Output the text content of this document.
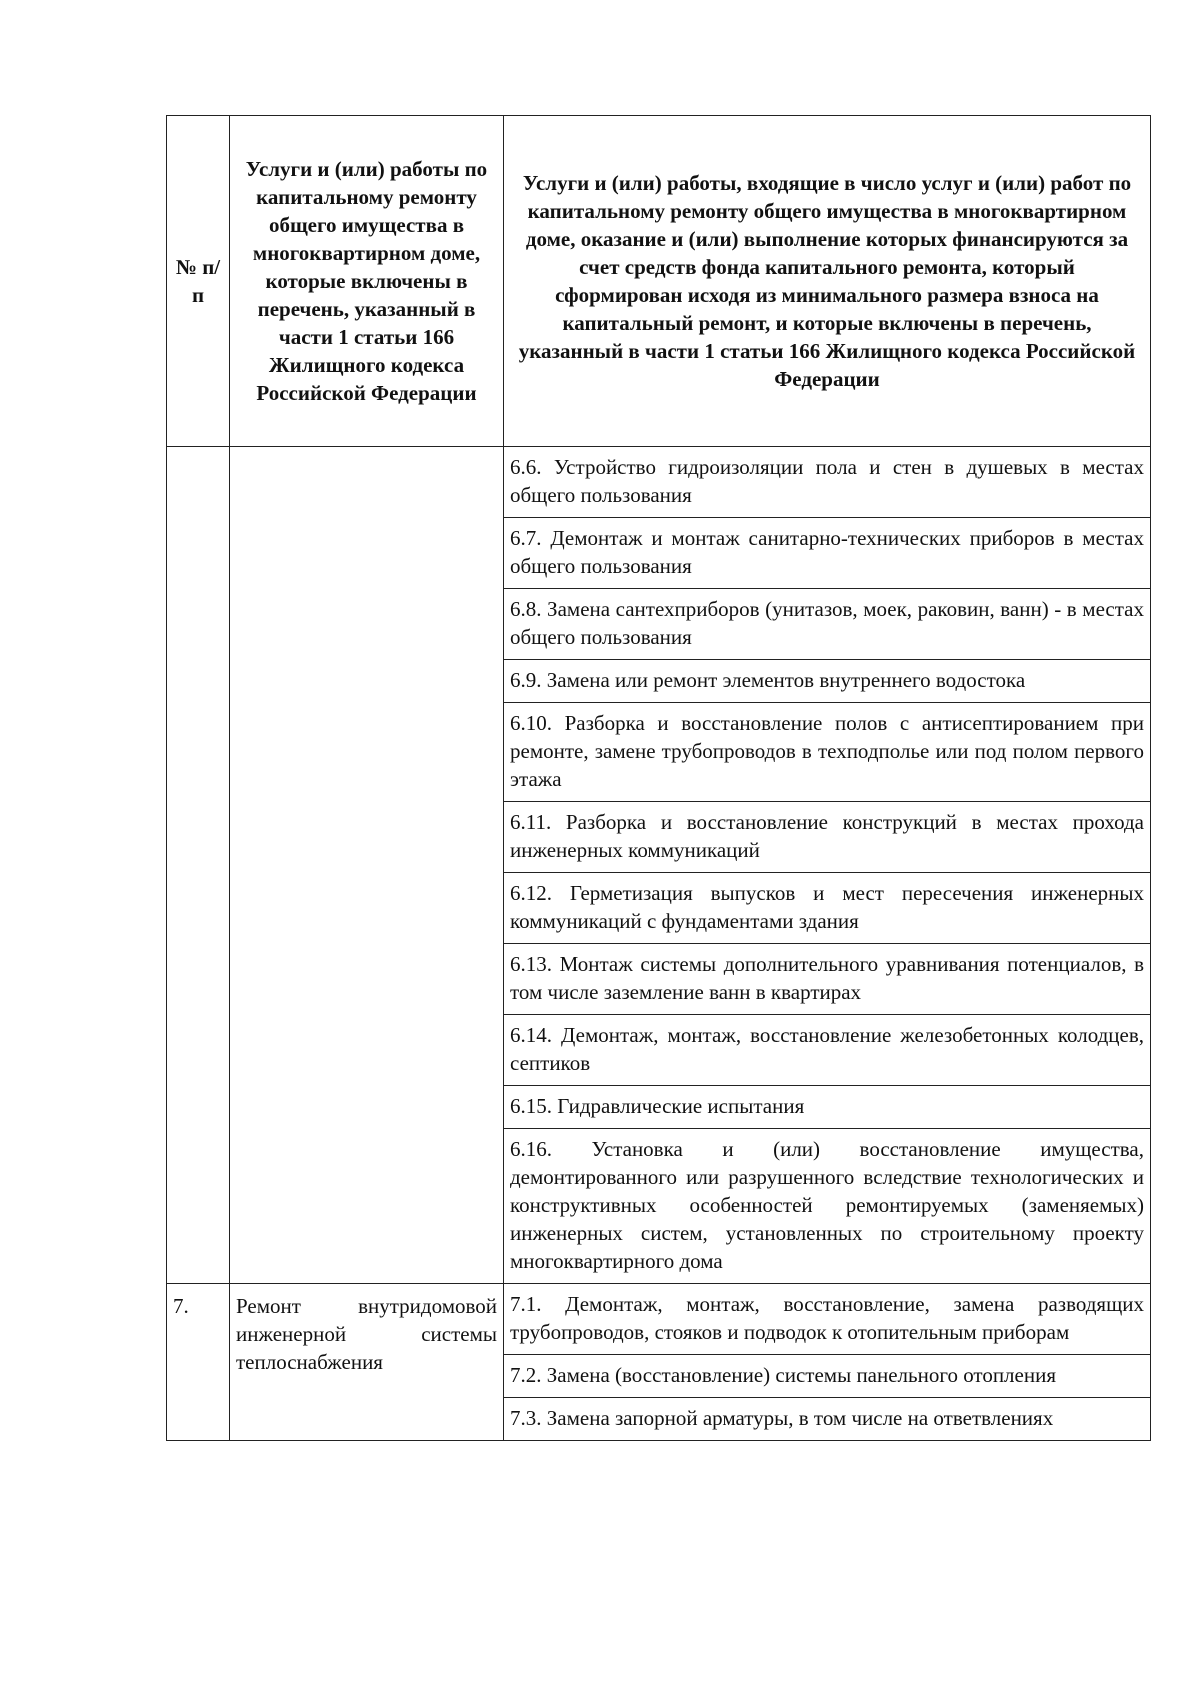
№ п/п	Услуги и (или) работы по капитальному ремонту общего имущества в многоквартирном доме, которые включены в перечень, указанный в части 1 статьи 166 Жилищного кодекса Российской Федерации	Услуги и (или) работы, входящие в число услуг и (или) работ по капитальному ремонту общего имущества в многоквартирном доме, оказание и (или) выполнение которых финансируются за счет средств фонда капитального ремонта, который сформирован исходя из минимального размера взноса на капитальный ремонт, и которые включены в перечень, указанный в части 1 статьи 166 Жилищного кодекса Российской Федерации
		6.6. Устройство гидроизоляции пола и стен в душевых в местах общего пользования
		6.7. Демонтаж и монтаж санитарно-технических приборов в местах общего пользования
		6.8. Замена сантехприборов (унитазов, моек, раковин, ванн) - в местах общего пользования
		6.9. Замена или ремонт элементов внутреннего водостока
		6.10. Разборка и восстановление полов с антисептированием при ремонте, замене трубопроводов в техподполье или под полом первого этажа
		6.11. Разборка и восстановление конструкций в местах прохода инженерных коммуникаций
		6.12. Герметизация выпусков и мест пересечения инженерных коммуникаций с фундаментами здания
		6.13. Монтаж системы дополнительного уравнивания потенциалов, в том числе заземление ванн в квартирах
		6.14. Демонтаж, монтаж, восстановление железобетонных колодцев, септиков
		6.15. Гидравлические испытания
		6.16. Установка и (или) восстановление имущества, демонтированного или разрушенного вследствие технологических и конструктивных особенностей ремонтируемых (заменяемых) инженерных систем, установленных по строительному проекту многоквартирного дома
7.	Ремонт внутридомовой инженерной системы теплоснабжения	7.1. Демонтаж, монтаж, восстановление, замена разводящих трубопроводов, стояков и подводок к отопительным приборам
		7.2. Замена (восстановление) системы панельного отопления
		7.3. Замена запорной арматуры, в том числе на ответвлениях
